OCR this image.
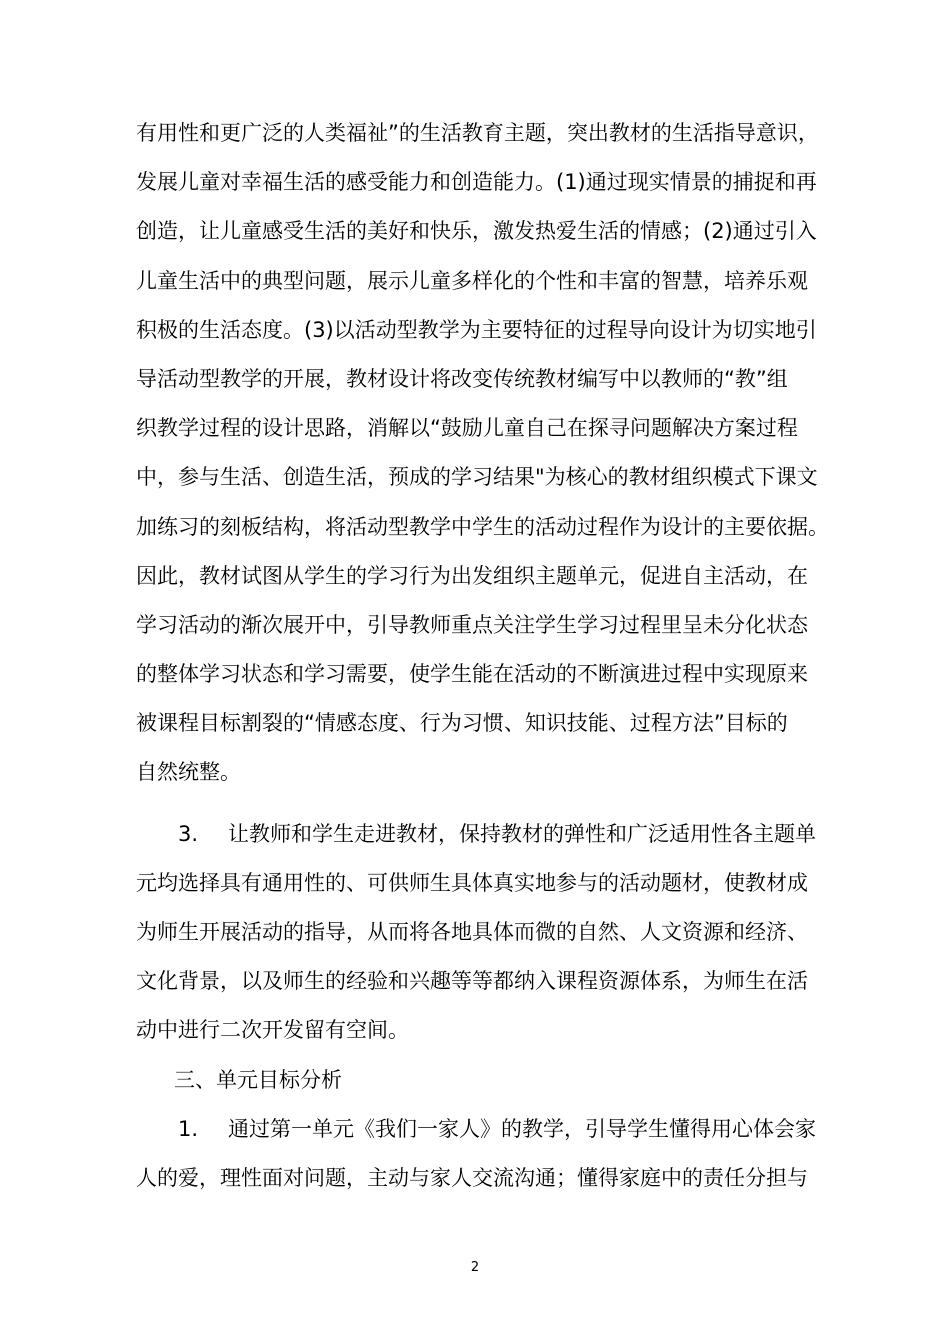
有用性和更广泛的人类福祉”的生活教育主题，突出教材的生活指导意识，
发展儿童对幸福生活的感受能力和创造能力。(1)通过现实情景的捕捉和再
创造，让儿童感受生活的美好和快乐，激发热爱生活的情感；(2)通过引入
儿童生活中的典型问题，展示儿童多样化的个性和丰富的智慧，培养乐观
积极的生活态度。(3)以活动型教学为主要特征的过程导向设计为切实地引
导活动型教学的开展，教材设计将改变传统教材编写中以教师的“教”组
织教学过程的设计思路，消解以“鼓励儿童自己在探寻问题解决方案过程
中，参与生活、创造生活，预成的学习结果"为核心的教材组织模式下课文
加练习的刻板结构，将活动型教学中学生的活动过程作为设计的主要依据。
因此，教材试图从学生的学习行为出发组织主题单元，促进自主活动，在
学习活动的渐次展开中，引导教师重点关注学生学习过程里呈未分化状态
的整体学习状态和学习需要，使学生能在活动的不断演进过程中实现原来
被课程目标割裂的“情感态度、行为习惯、知识技能、过程方法”目标的
自然统整。
3. 让教师和学生走进教材，保持教材的弹性和广泛适用性各主题单
元均选择具有通用性的、可供师生具体真实地参与的活动题材，使教材成
为师生开展活动的指导，从而将各地具体而微的自然、人文资源和经济、
文化背景，以及师生的经验和兴趣等等都纳入课程资源体系，为师生在活
动中进行二次开发留有空间。
三、单元目标分析
1. 通过第一单元《我们一家人》的教学，引导学生懂得用心体会家
人的爱，理性面对问题，主动与家人交流沟通；懂得家庭中的责任分担与
2
